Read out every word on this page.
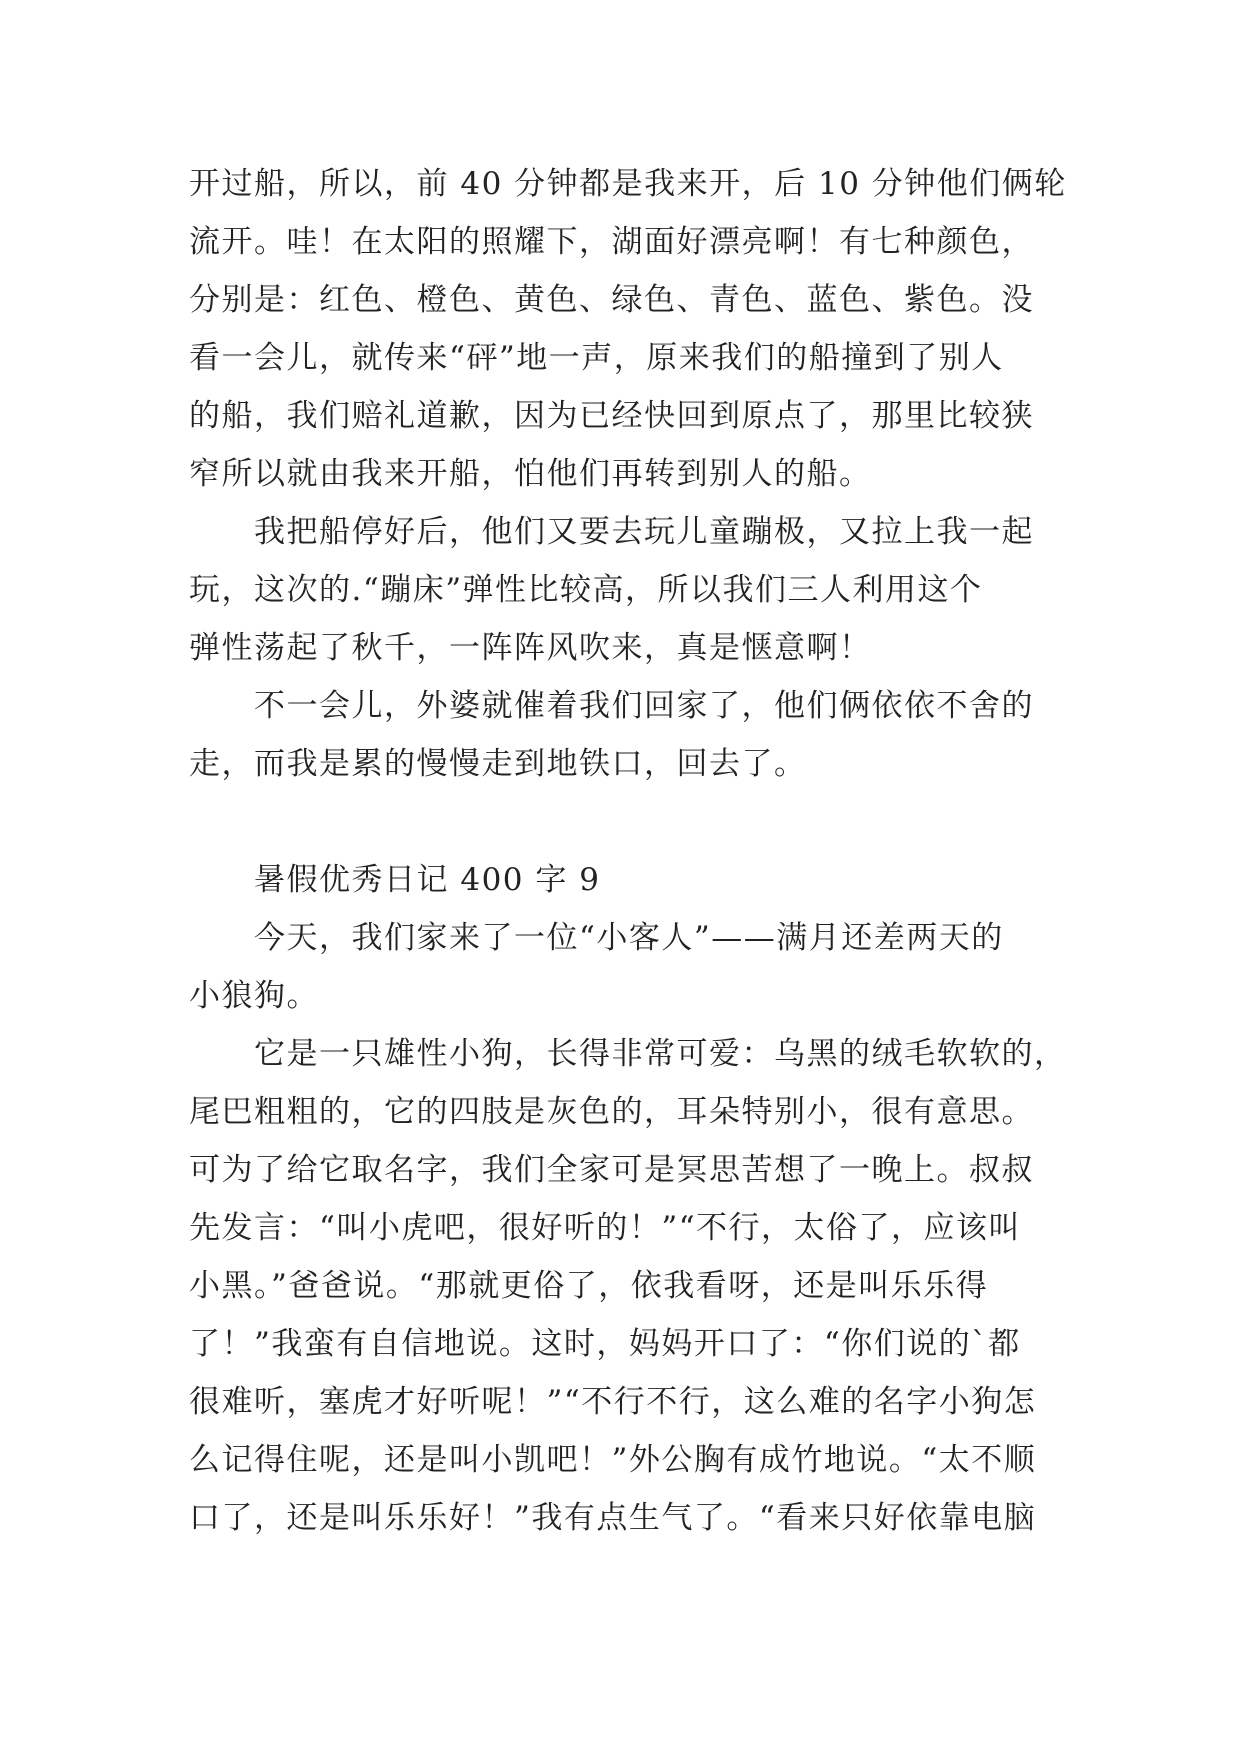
开过船，所以，前 40 分钟都是我来开，后 10 分钟他们俩轮
流开。哇！在太阳的照耀下，湖面好漂亮啊！有七种颜色，
分别是：红色、橙色、黄色、绿色、青色、蓝色、紫色。没
看一会儿，就传来“砰”地一声，原来我们的船撞到了别人
的船，我们赔礼道歉，因为已经快回到原点了，那里比较狭
窄所以就由我来开船，怕他们再转到别人的船。
我把船停好后，他们又要去玩儿童蹦极，又拉上我一起
玩，这次的.“蹦床”弹性比较高，所以我们三人利用这个
弹性荡起了秋千，一阵阵风吹来，真是惬意啊！
不一会儿，外婆就催着我们回家了，他们俩依依不舍的
走，而我是累的慢慢走到地铁口，回去了。
暑假优秀日记 400 字 9
今天，我们家来了一位“小客人”——满月还差两天的
小狼狗。
它是一只雄性小狗，长得非常可爱：乌黑的绒毛软软的，
尾巴粗粗的，它的四肢是灰色的，耳朵特别小，很有意思。
可为了给它取名字，我们全家可是冥思苦想了一晚上。叔叔
先发言：“叫小虎吧，很好听的！”“不行，太俗了，应该叫
小黑。”爸爸说。“那就更俗了，依我看呀，还是叫乐乐得
了！”我蛮有自信地说。这时，妈妈开口了：“你们说的`都
很难听，塞虎才好听呢！”“不行不行，这么难的名字小狗怎
么记得住呢，还是叫小凯吧！”外公胸有成竹地说。“太不顺
口了，还是叫乐乐好！”我有点生气了。“看来只好依靠电脑
